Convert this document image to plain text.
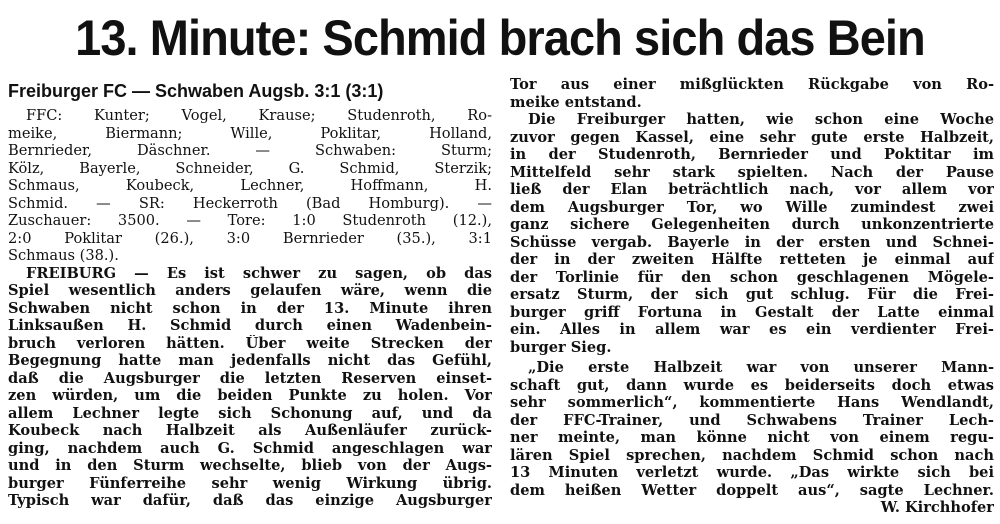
13. Minute: Schmid brach sich das Bein
Freiburger FC — Schwaben Augsb. 3:1 (3:1)
FFC: Kunter; Vogel, Krause; Studenroth, Ro-
meike, Biermann; Wille, Poklitar, Holland,
Bernrieder, Däschner. — Schwaben: Sturm;
Kölz, Bayerle, Schneider, G. Schmid, Sterzik;
Schmaus, Koubeck, Lechner, Hoffmann, H.
Schmid. — SR: Heckerroth (Bad Homburg). —
Zuschauer: 3500. — Tore: 1:0 Studenroth (12.),
2:0 Poklitar (26.), 3:0 Bernrieder (35.), 3:1
Schmaus (38.).
FREIBURG — Es ist schwer zu sagen, ob das
Spiel wesentlich anders gelaufen wäre, wenn die
Schwaben nicht schon in der 13. Minute ihren
Linksaußen H. Schmid durch einen Wadenbein-
bruch verloren hätten. Über weite Strecken der
Begegnung hatte man jedenfalls nicht das Gefühl,
daß die Augsburger die letzten Reserven einset-
zen würden, um die beiden Punkte zu holen. Vor
allem Lechner legte sich Schonung auf, und da
Koubeck nach Halbzeit als Außenläufer zurück-
ging, nachdem auch G. Schmid angeschlagen war
und in den Sturm wechselte, blieb von der Augs-
burger Fünferreihe sehr wenig Wirkung übrig.
Typisch war dafür, daß das einzige Augsburger
Tor aus einer mißglückten Rückgabe von Ro-
meike entstand.
Die Freiburger hatten, wie schon eine Woche
zuvor gegen Kassel, eine sehr gute erste Halbzeit,
in der Studenroth, Bernrieder und Poktitar im
Mittelfeld sehr stark spielten. Nach der Pause
ließ der Elan beträchtlich nach, vor allem vor
dem Augsburger Tor, wo Wille zumindest zwei
ganz sichere Gelegenheiten durch unkonzentrierte
Schüsse vergab. Bayerle in der ersten und Schnei-
der in der zweiten Hälfte retteten je einmal auf
der Torlinie für den schon geschlagenen Mögele-
ersatz Sturm, der sich gut schlug. Für die Frei-
burger griff Fortuna in Gestalt der Latte einmal
ein. Alles in allem war es ein verdienter Frei-
burger Sieg.
„Die erste Halbzeit war von unserer Mann-
schaft gut, dann wurde es beiderseits doch etwas
sehr sommerlich“, kommentierte Hans Wendlandt,
der FFC-Trainer, und Schwabens Trainer Lech-
ner meinte, man könne nicht von einem regu-
lären Spiel sprechen, nachdem Schmid schon nach
13 Minuten verletzt wurde. „Das wirkte sich bei
dem heißen Wetter doppelt aus“, sagte Lechner.
W. Kirchhofer
